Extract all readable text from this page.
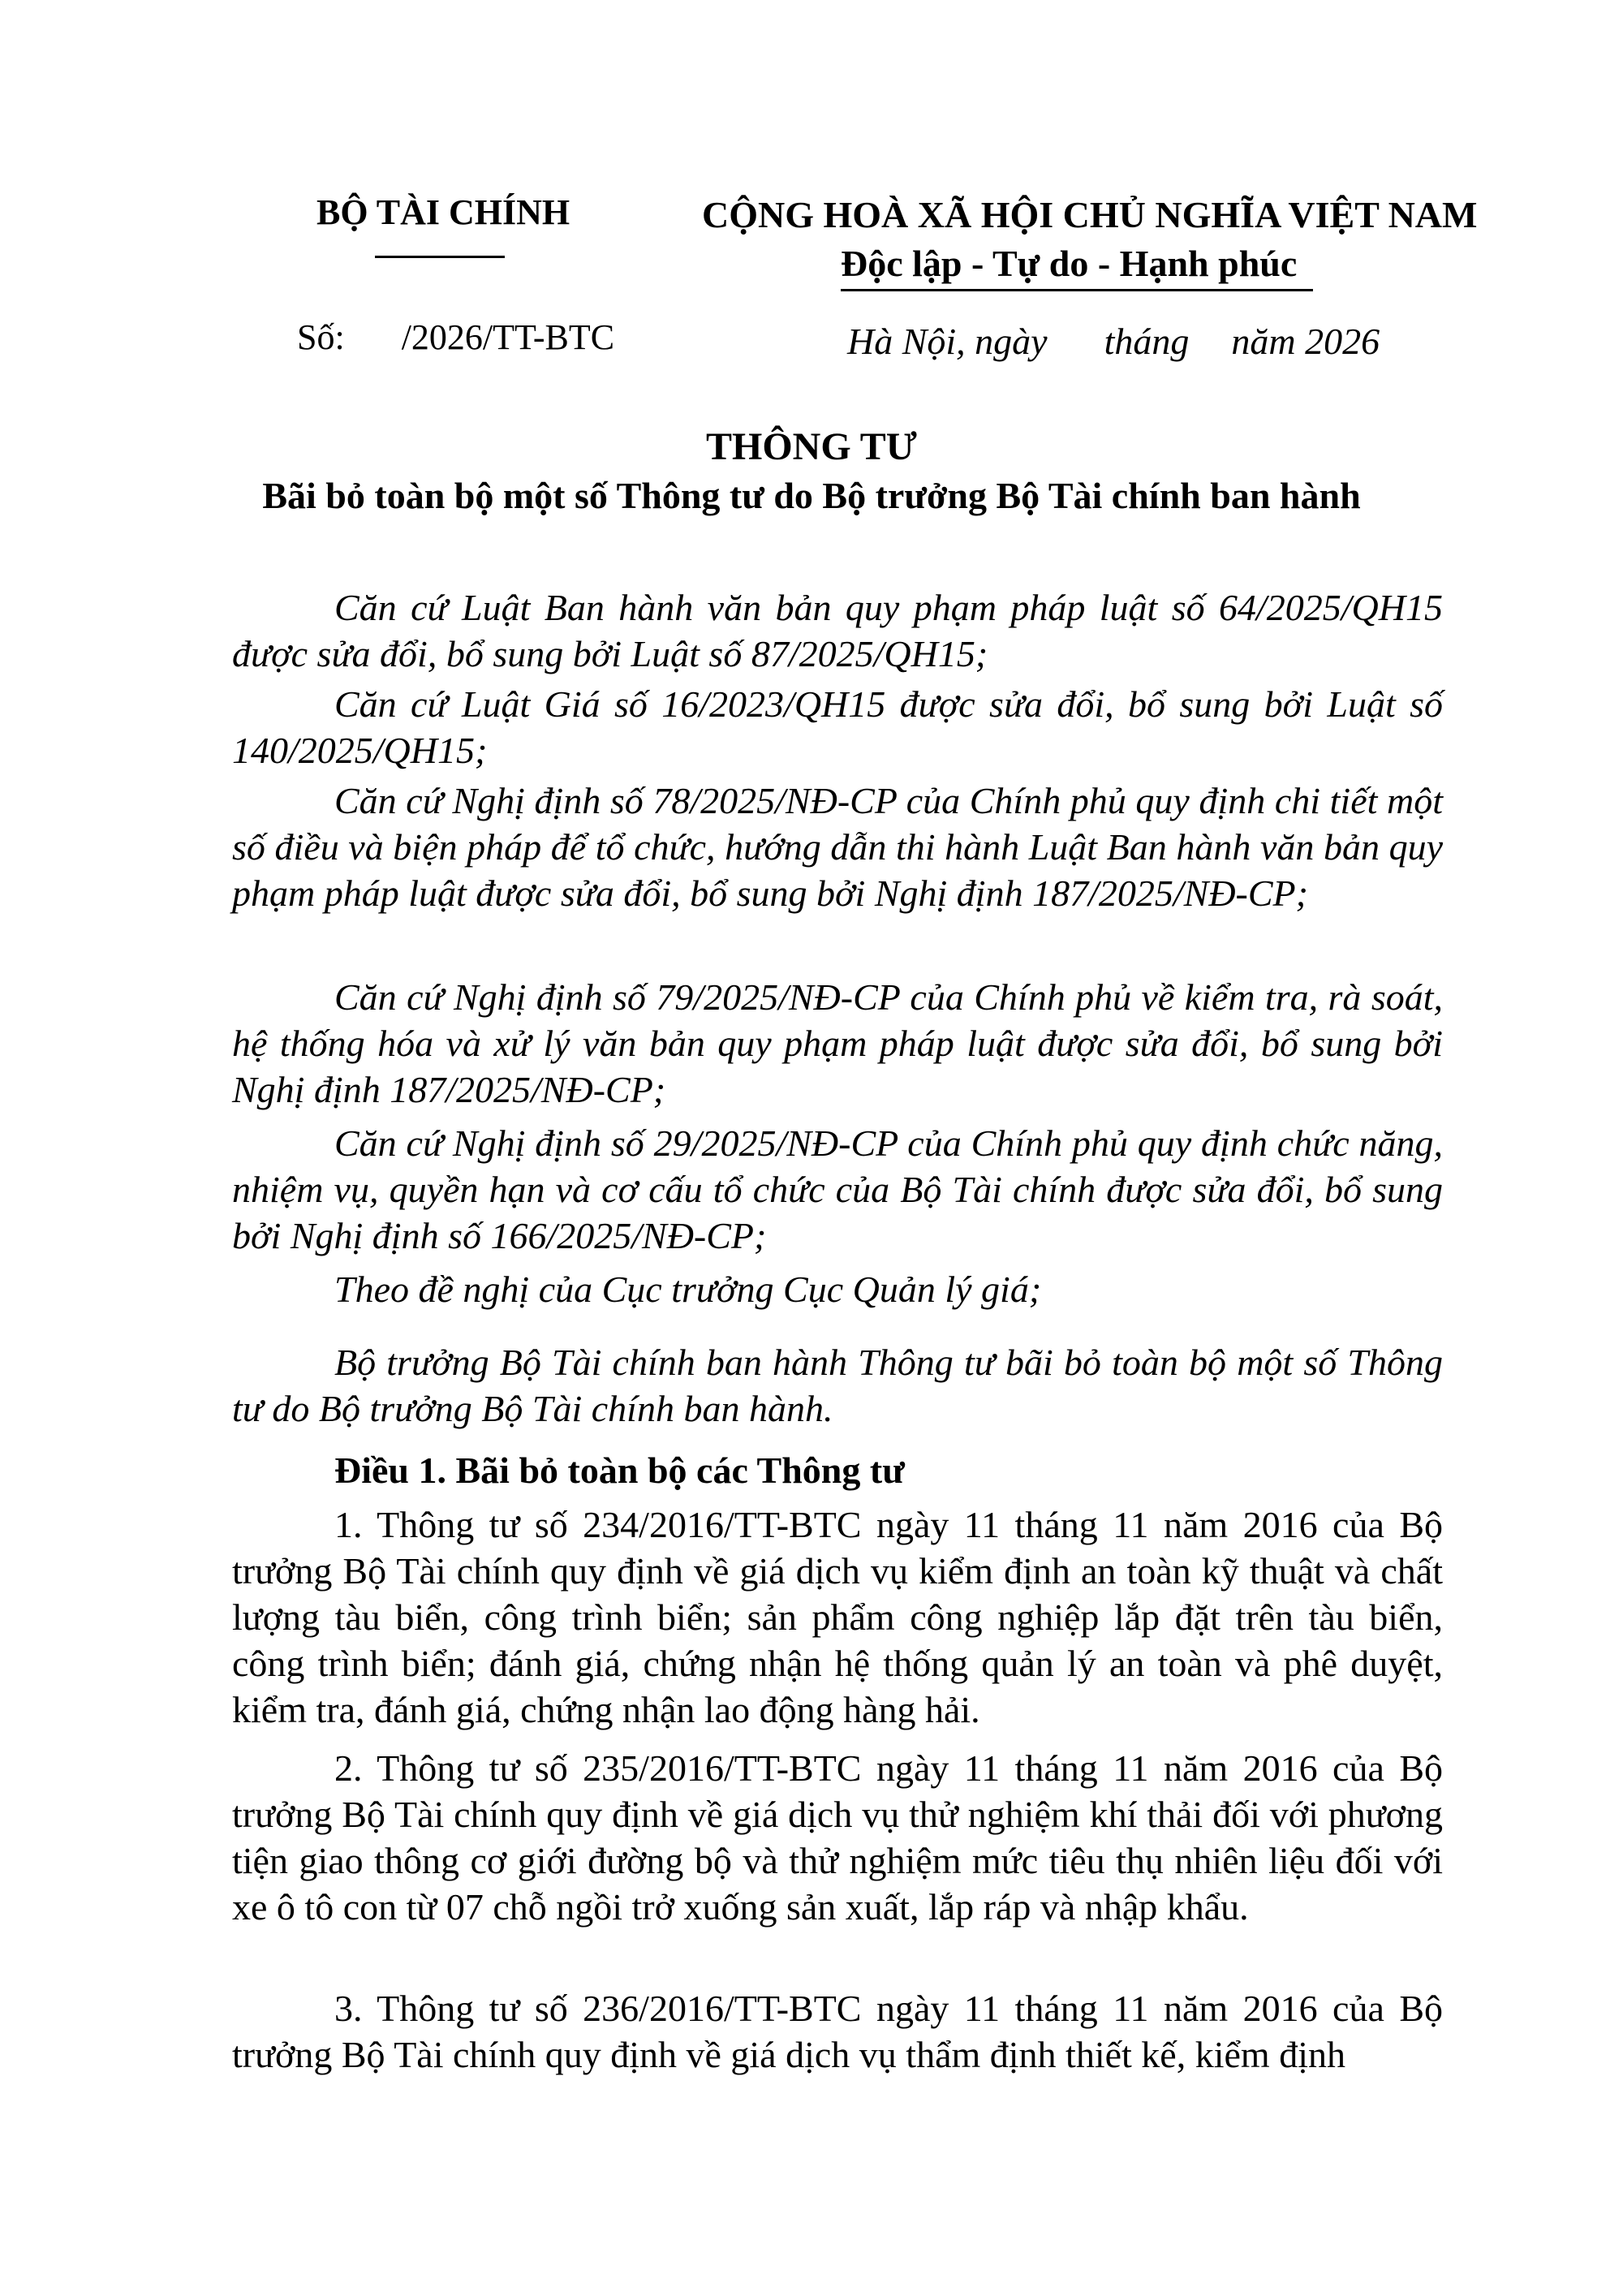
BỘ TÀI CHÍNH	CỘNG HOÀ XÃ HỘI CHỦ NGHĨA VIỆT NAM
Độc lập - Tự do - Hạnh phúc
Số: /2026/TT-BTC	Hà Nội, ngày tháng năm 2026
THÔNG TƯ
Bãi bỏ toàn bộ một số Thông tư do Bộ trưởng Bộ Tài chính ban hành

Căn cứ Luật Ban hành văn bản quy phạm pháp luật số 64/2025/QH15 được sửa đổi, bổ sung bởi Luật số 87/2025/QH15;

Căn cứ Luật Giá số 16/2023/QH15 được sửa đổi, bổ sung bởi Luật số 140/2025/QH15;

Căn cứ Nghị định số 78/2025/NĐ-CP của Chính phủ quy định chi tiết một số điều và biện pháp để tổ chức, hướng dẫn thi hành Luật Ban hành văn bản quy phạm pháp luật được sửa đổi, bổ sung bởi Nghị định 187/2025/NĐ-CP;

Căn cứ Nghị định số 79/2025/NĐ-CP của Chính phủ về kiểm tra, rà soát, hệ thống hóa và xử lý văn bản quy phạm pháp luật được sửa đổi, bổ sung bởi Nghị định 187/2025/NĐ-CP;

Căn cứ Nghị định số 29/2025/NĐ-CP của Chính phủ quy định chức năng, nhiệm vụ, quyền hạn và cơ cấu tổ chức của Bộ Tài chính được sửa đổi, bổ sung bởi Nghị định số 166/2025/NĐ-CP;

Theo đề nghị của Cục trưởng Cục Quản lý giá;

Bộ trưởng Bộ Tài chính ban hành Thông tư bãi bỏ toàn bộ một số Thông tư do Bộ trưởng Bộ Tài chính ban hành.

Điều 1. Bãi bỏ toàn bộ các Thông tư

1. Thông tư số 234/2016/TT-BTC ngày 11 tháng 11 năm 2016 của Bộ trưởng Bộ Tài chính quy định về giá dịch vụ kiểm định an toàn kỹ thuật và chất lượng tàu biển, công trình biển; sản phẩm công nghiệp lắp đặt trên tàu biển, công trình biển; đánh giá, chứng nhận hệ thống quản lý an toàn và phê duyệt, kiểm tra, đánh giá, chứng nhận lao động hàng hải.

2. Thông tư số 235/2016/TT-BTC ngày 11 tháng 11 năm 2016 của Bộ trưởng Bộ Tài chính quy định về giá dịch vụ thử nghiệm khí thải đối với phương tiện giao thông cơ giới đường bộ và thử nghiệm mức tiêu thụ nhiên liệu đối với xe ô tô con từ 07 chỗ ngồi trở xuống sản xuất, lắp ráp và nhập khẩu.

3. Thông tư số 236/2016/TT-BTC ngày 11 tháng 11 năm 2016 của Bộ trưởng Bộ Tài chính quy định về giá dịch vụ thẩm định thiết kế, kiểm định
